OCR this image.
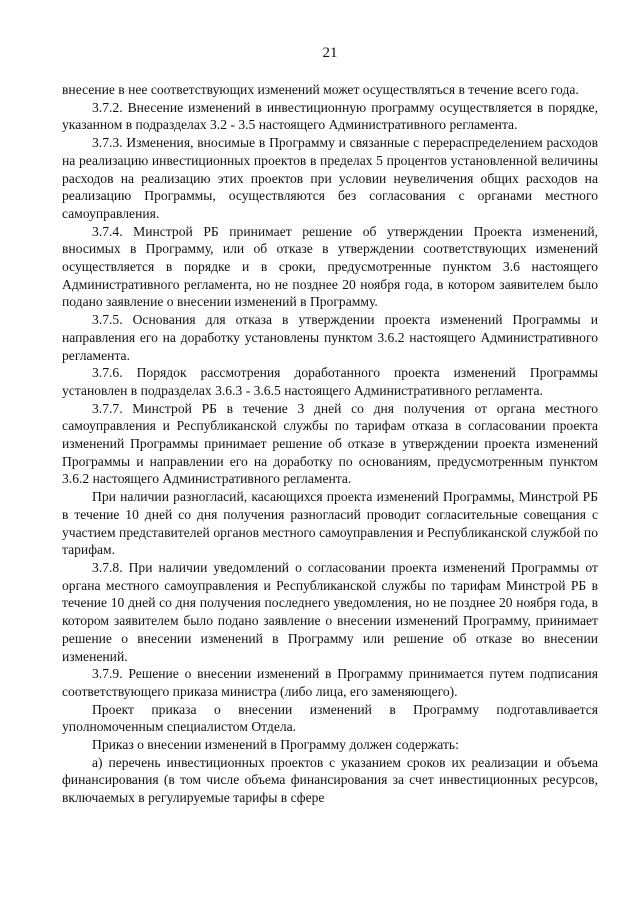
21

внесение в нее соответствующих изменений может осуществляться в течение всего года.

3.7.2. Внесение изменений в инвестиционную программу осуществляется в порядке, указанном в подразделах 3.2 - 3.5 настоящего Административного регламента.

3.7.3. Изменения, вносимые в Программу и связанные с перераспределением расходов на реализацию инвестиционных проектов в пределах 5 процентов установленной величины расходов на реализацию этих проектов при условии неувеличения общих расходов на реализацию Программы, осуществляются без согласования с органами местного самоуправления.

3.7.4. Минстрой РБ принимает решение об утверждении Проекта изменений, вносимых в Программу, или об отказе в утверждении соответствующих изменений осуществляется в порядке и в сроки, предусмотренные пунктом 3.6 настоящего Административного регламента, но не позднее 20 ноября года, в котором заявителем было подано заявление о внесении изменений в Программу.

3.7.5. Основания для отказа в утверждении проекта изменений Программы и направления его на доработку установлены пунктом 3.6.2 настоящего Административного регламента.

3.7.6. Порядок рассмотрения доработанного проекта изменений Программы установлен в подразделах 3.6.3 - 3.6.5 настоящего Административного регламента.

3.7.7. Минстрой РБ в течение 3 дней со дня получения от органа местного самоуправления и Республиканской службы по тарифам отказа в согласовании проекта изменений Программы принимает решение об отказе в утверждении проекта изменений Программы и направлении его на доработку по основаниям, предусмотренным пунктом 3.6.2 настоящего Административного регламента.

При наличии разногласий, касающихся проекта изменений Программы, Минстрой РБ в течение 10 дней со дня получения разногласий проводит согласительные совещания с участием представителей органов местного самоуправления и Республиканской службой по тарифам.

3.7.8. При наличии уведомлений о согласовании проекта изменений Программы от органа местного самоуправления и Республиканской службы по тарифам Минстрой РБ в течение 10 дней со дня получения последнего уведомления, но не позднее 20 ноября года, в котором заявителем было подано заявление о внесении изменений Программу, принимает решение о внесении изменений в Программу или решение об отказе во внесении изменений.

3.7.9. Решение о внесении изменений в Программу принимается путем подписания соответствующего приказа министра (либо лица, его заменяющего).

Проект приказа о внесении изменений в Программу подготавливается уполномоченным специалистом Отдела.

Приказ о внесении изменений в Программу должен содержать:

а) перечень инвестиционных проектов с указанием сроков их реализации и объема финансирования (в том числе объема финансирования за счет инвестиционных ресурсов, включаемых в регулируемые тарифы в сфере
